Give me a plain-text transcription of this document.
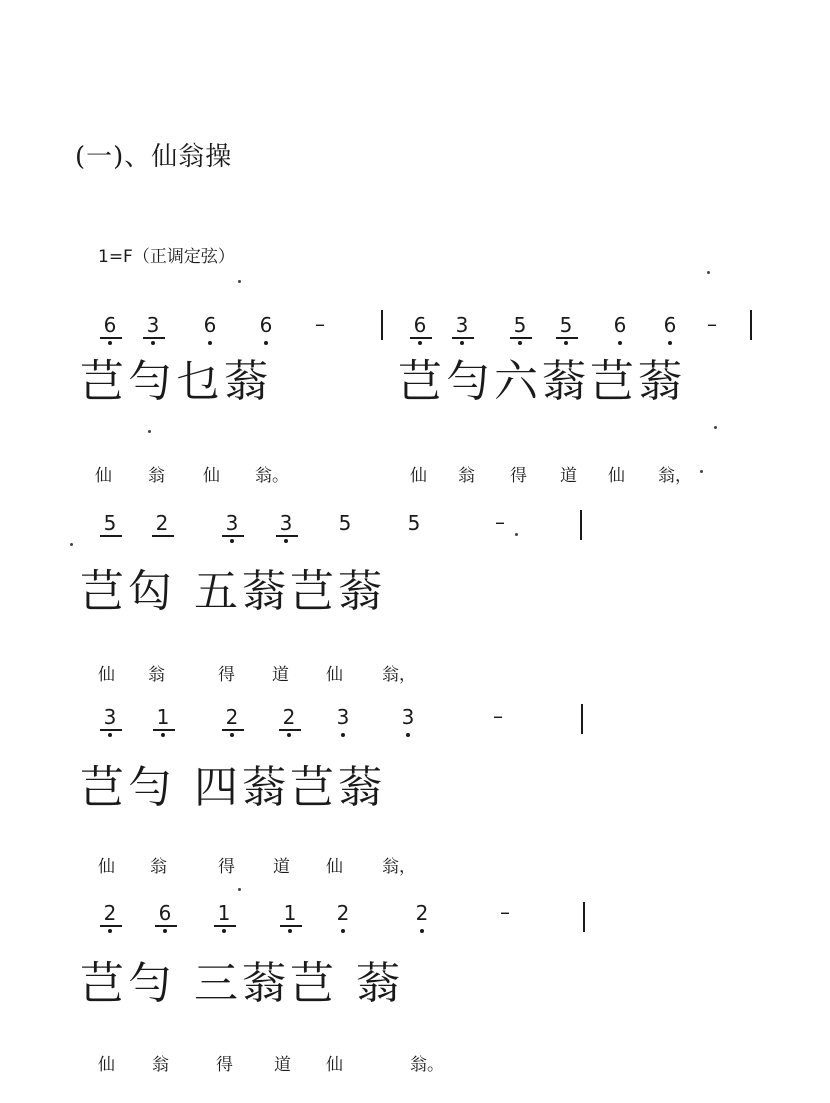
(一)、仙翁操
1=F（正调定弦）
6 3 6 6 –	6 3 5 5 6 6 –
芑勻乜蓊	芑勻六蓊芑蓊
仙 翁 仙 翁。	仙 翁 得 道 仙 翁，
5 2	3 3 5	5	–
芑匃 五蓊芑蓊
仙 翁	得 道 仙 翁，
3 1	2 2 3	3	–
芑勻 四蓊芑蓊
仙 翁	得 道 仙 翁，
2 6 1	1 2	2	–
芑勻 三蓊芑 蓊
仙 翁	得 道 仙	翁。
